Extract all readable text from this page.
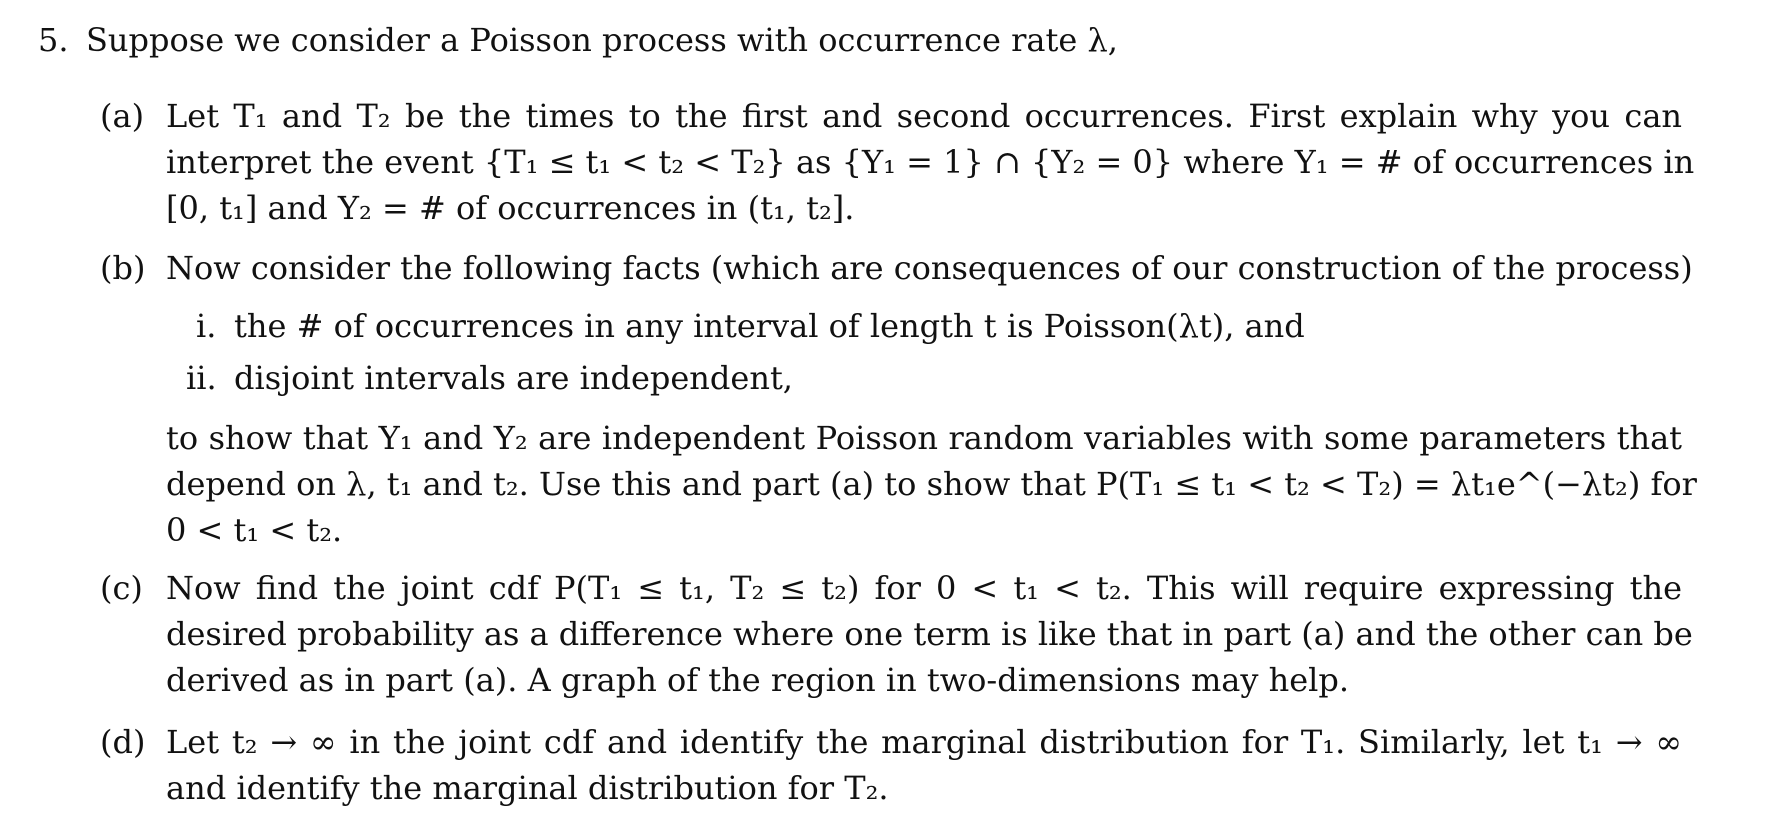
5. Suppose we consider a Poisson process with occurrence rate λ,
(a) Let T₁ and T₂ be the times to the first and second occurrences. First explain why you can
interpret the event {T₁ ≤ t₁ < t₂ < T₂} as {Y₁ = 1} ∩ {Y₂ = 0} where Y₁ = # of occurrences in
[0, t₁] and Y₂ = # of occurrences in (t₁, t₂].
(b) Now consider the following facts (which are consequences of our construction of the process)
i. the # of occurrences in any interval of length t is Poisson(λt), and
ii. disjoint intervals are independent,
to show that Y₁ and Y₂ are independent Poisson random variables with some parameters that
depend on λ, t₁ and t₂. Use this and part (a) to show that P(T₁ ≤ t₁ < t₂ < T₂) = λt₁e^(−λt₂) for
0 < t₁ < t₂.
(c) Now find the joint cdf P(T₁ ≤ t₁, T₂ ≤ t₂) for 0 < t₁ < t₂. This will require expressing the
desired probability as a difference where one term is like that in part (a) and the other can be
derived as in part (a). A graph of the region in two-dimensions may help.
(d) Let t₂ → ∞ in the joint cdf and identify the marginal distribution for T₁. Similarly, let t₁ → ∞
and identify the marginal distribution for T₂.
